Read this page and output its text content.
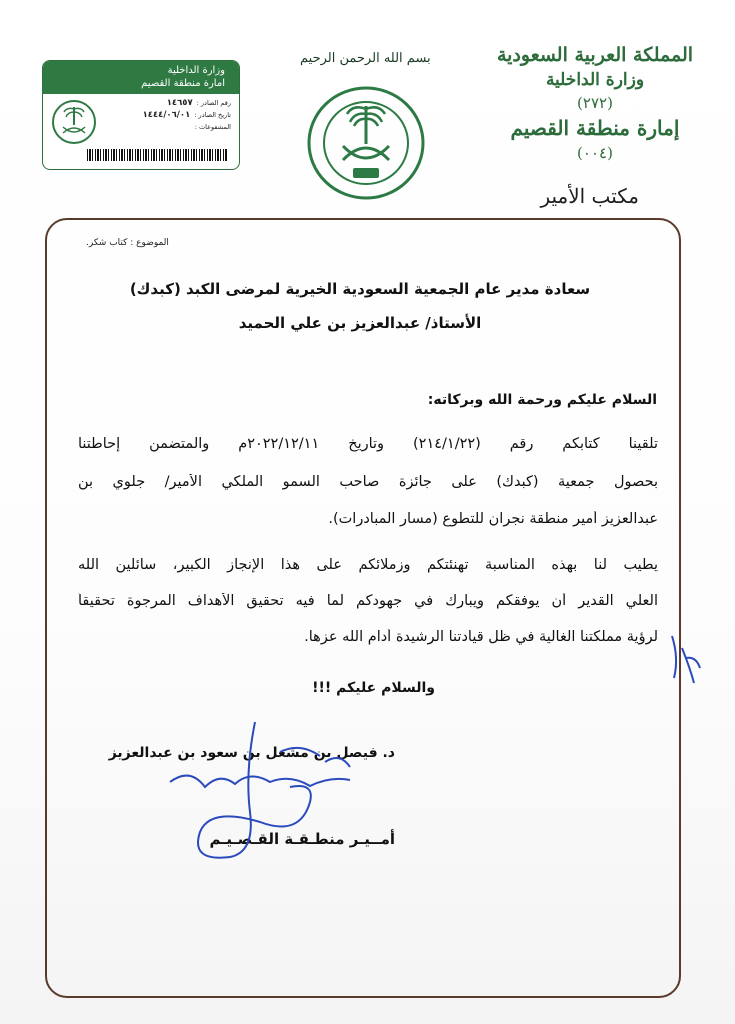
وزارة الداخلية
امارة منطقة القصيم
رقم الصادر :١٤٦٥٧
تاريخ الصادر :١٤٤٤/٠٦/٠١
المشفوعات :
بسم الله الرحمن الرحيم	المملكة العربية السعودية
وزارة الداخلية
(٢٧٢)
إمارة منطقة القصيم
(٠٠٤)
مكتب الأمير
الموضوع : كتاب شكر.
سعادة مدير عام الجمعية السعودية الخيرية لمرضى الكبد (كبدك)
الأستاذ/ عبدالعزيز بن علي الحميد
السلام عليكم ورحمة الله وبركاته:
تلقينا كتابكم رقم (٢١٤/١/٢٢) وتاريخ ٢٠٢٢/١٢/١١م والمتضمن إحاطتنا
بحصول جمعية (كبدك) على جائزة صاحب السمو الملكي الأمير/ جلوي بن
عبدالعزيز أمير منطقة نجران للتطوع (مسار المبادرات).
يطيب لنا بهذه المناسبة تهنئتكم وزملائكم على هذا الإنجاز الكبير، سائلين الله
العلي القدير أن يوفقكم ويبارك في جهودكم لما فيه تحقيق الأهداف المرجوة تحقيقاً
لرؤية مملكتنا الغالية في ظل قيادتنا الرشيدة أدام الله عزها.
والسلام عليكم !!!
د. فيصل بن مشعل بن سعود بن عبدالعزيز
أمــيـر منطـقـة القـصـيـم
